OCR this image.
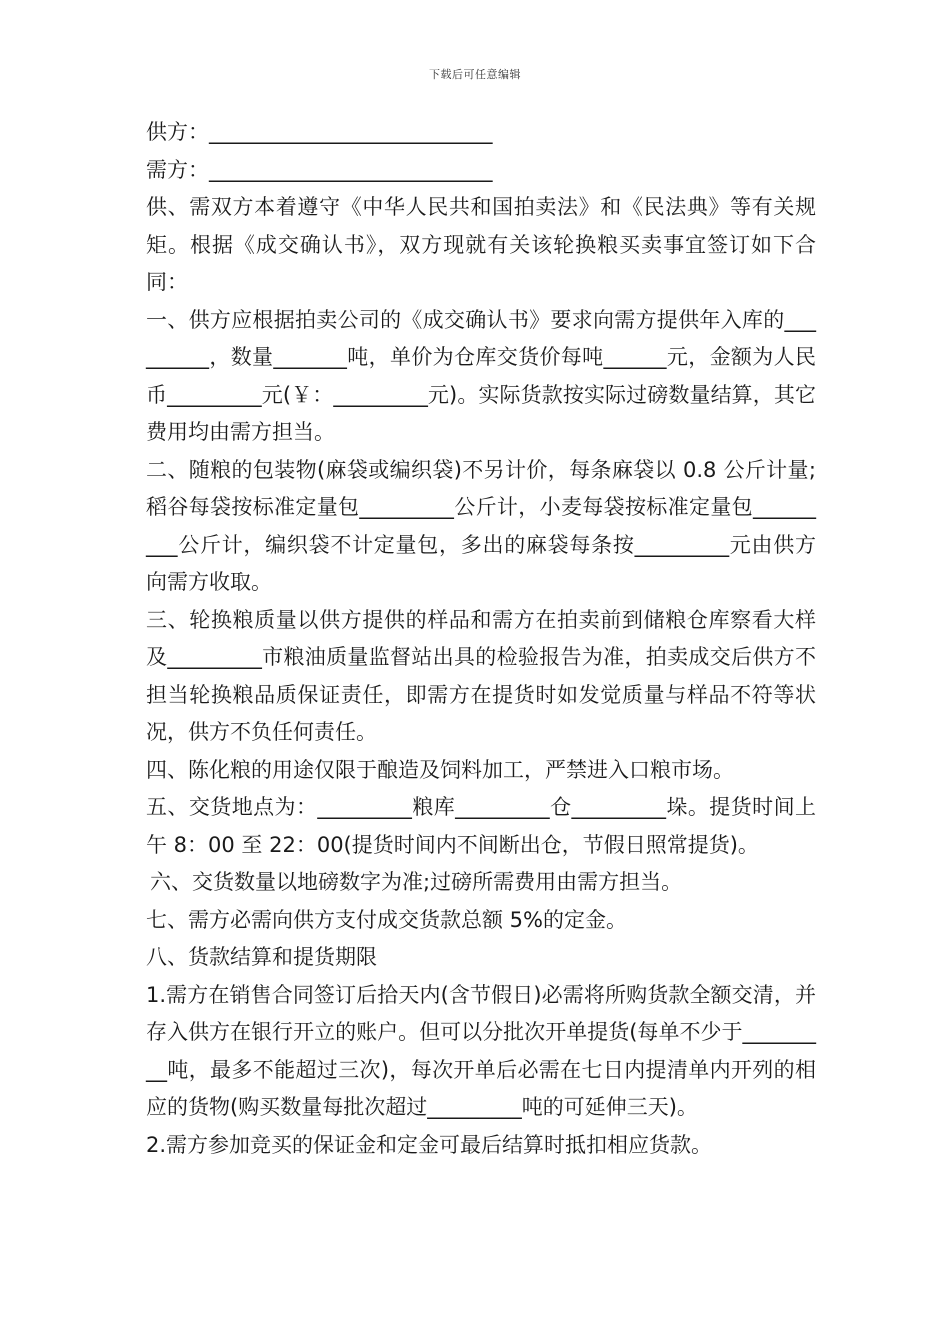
下载后可任意编辑

供方：___________________________

需方：___________________________

供、需双方本着遵守《中华人民共和国拍卖法》和《民法典》等有关规矩。根据《成交确认书》，双方现就有关该轮换粮买卖事宜签订如下合同：

一、供方应根据拍卖公司的《成交确认书》要求向需方提供年入库的_________，数量_______吨，单价为仓库交货价每吨______元，金额为人民币_________元(￥：_________元)。实际货款按实际过磅数量结算，其它费用均由需方担当。

二、随粮的包装物(麻袋或编织袋)不另计价，每条麻袋以 0.8 公斤计量;稻谷每袋按标准定量包_________公斤计，小麦每袋按标准定量包_________公斤计，编织袋不计定量包，多出的麻袋每条按_________元由供方向需方收取。

三、轮换粮质量以供方提供的样品和需方在拍卖前到储粮仓库察看大样及_________市粮油质量监督站出具的检验报告为准，拍卖成交后供方不担当轮换粮品质保证责任，即需方在提货时如发觉质量与样品不符等状况，供方不负任何责任。

四、陈化粮的用途仅限于酿造及饲料加工，严禁进入口粮市场。

五、交货地点为：_________粮库_________仓_________垛。提货时间上午 8：00 至 22：00(提货时间内不间断出仓，节假日照常提货)。

六、交货数量以地磅数字为准;过磅所需费用由需方担当。

七、需方必需向供方支付成交货款总额 5%的定金。

八、货款结算和提货期限

1.需方在销售合同签订后拾天内(含节假日)必需将所购货款全额交清，并存入供方在银行开立的账户。但可以分批次开单提货(每单不少于_________吨，最多不能超过三次)，每次开单后必需在七日内提清单内开列的相应的货物(购买数量每批次超过_________吨的可延伸三天)。

2.需方参加竞买的保证金和定金可最后结算时抵扣相应货款。
